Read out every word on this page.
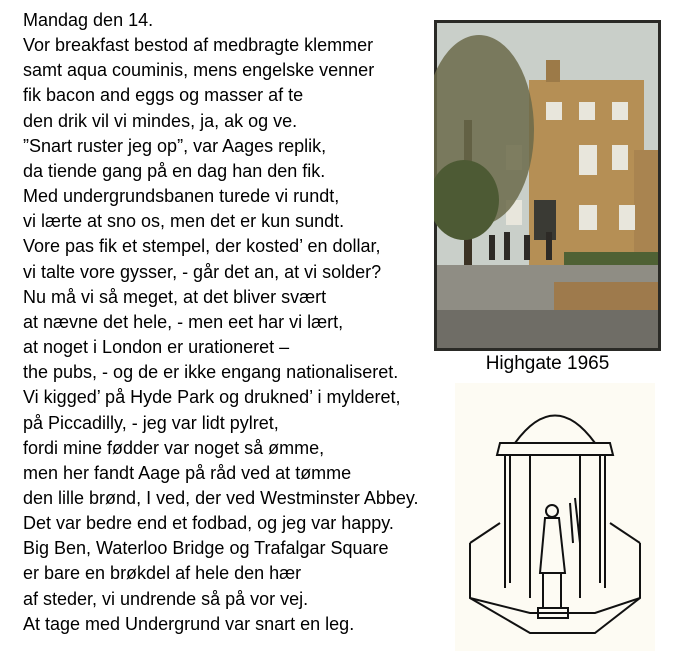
Mandag den 14.
Vor breakfast bestod af medbragte klemmer
samt aqua couminis, mens engelske venner
fik bacon and eggs og masser af te
den drik vil vi mindes, ja, ak og ve.
”Snart ruster jeg op”, var Aages replik,
da tiende gang på en dag han den fik.
Med undergrundsbanen turede vi rundt,
vi lærte at sno os, men det er kun sundt.
Vore pas fik et stempel, der kosted’ en dollar,
vi talte vore gysser, - går det an, at vi solder?
Nu må vi så meget, at det bliver svært
at nævne det hele, - men eet har vi lært,
at noget i London er urationeret –
the pubs, - og de er ikke engang nationaliseret.
Vi kigged’ på Hyde Park og drukned’ i mylderet,
på Piccadilly, - jeg var lidt pylret,
fordi mine fødder var noget så ømme,
men her fandt Aage på råd ved at tømme
den lille brønd, I ved, der ved Westminster Abbey.
Det var bedre end et fodbad, og jeg var happy.
Big Ben, Waterloo Bridge og Trafalgar Square
er bare en brøkdel af hele den hær
af steder, vi undrende så på vor vej.
At tage med Undergrund var snart en leg.
Highgate 1965
